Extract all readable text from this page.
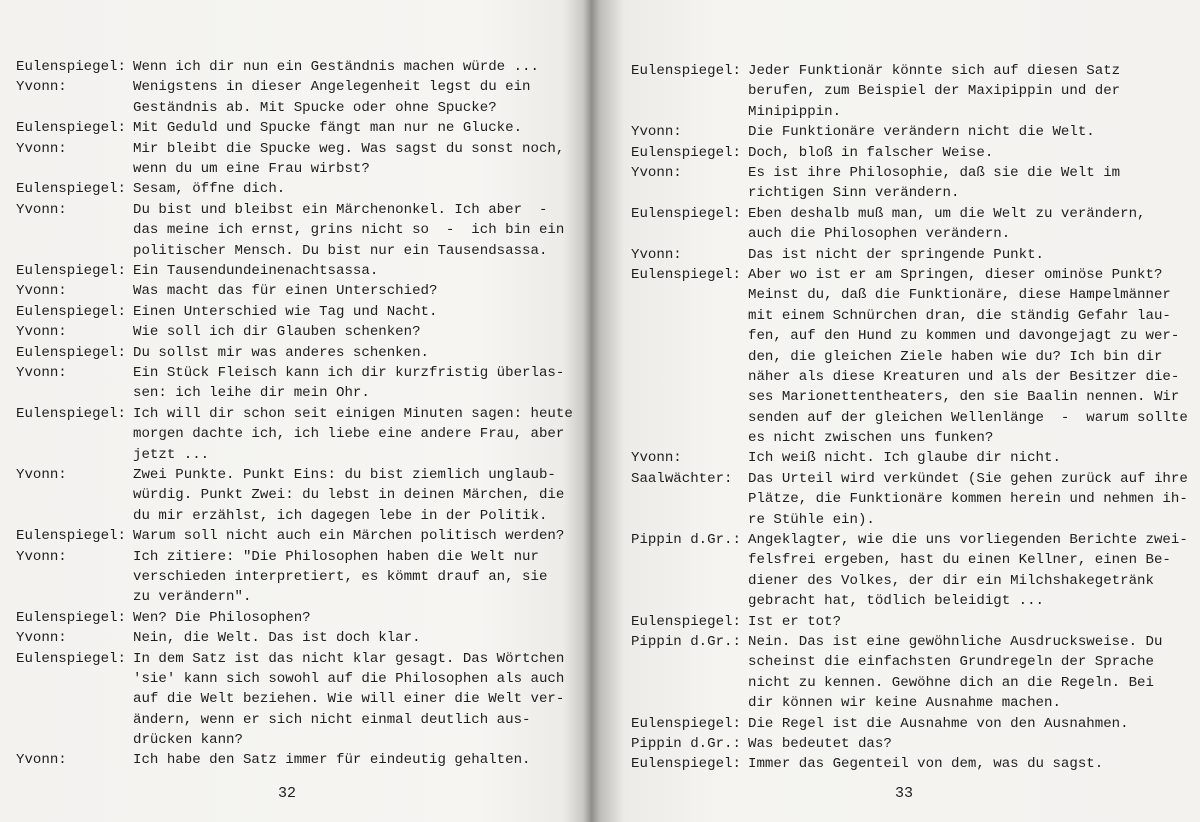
Eulenspiegel: Wenn ich dir nun ein Geständnis machen würde ...
Yvonn:	Wenigstens in dieser Angelegenheit legst du ein
Geständnis ab. Mit Spucke oder ohne Spucke?
Eulenspiegel: Mit Geduld und Spucke fängt man nur ne Glucke.
Yvonn:	Mir bleibt die Spucke weg. Was sagst du sonst noch,
wenn du um eine Frau wirbst?
Eulenspiegel: Sesam, öffne dich.
Yvonn:	Du bist und bleibst ein Märchenonkel. Ich aber  -
das meine ich ernst, grins nicht so  -  ich bin ein
politischer Mensch. Du bist nur ein Tausendsassa.
Eulenspiegel: Ein Tausendundeinenachtsassa.
Yvonn:	Was macht das für einen Unterschied?
Eulenspiegel: Einen Unterschied wie Tag und Nacht.
Yvonn:	Wie soll ich dir Glauben schenken?
Eulenspiegel: Du sollst mir was anderes schenken.
Yvonn:	Ein Stück Fleisch kann ich dir kurzfristig überlas-
sen: ich leihe dir mein Ohr.
Eulenspiegel: Ich will dir schon seit einigen Minuten sagen: heute
morgen dachte ich, ich liebe eine andere Frau, aber
jetzt ...
Yvonn:	Zwei Punkte. Punkt Eins: du bist ziemlich unglaub-
würdig. Punkt Zwei: du lebst in deinen Märchen, die
du mir erzählst, ich dagegen lebe in der Politik.
Eulenspiegel: Warum soll nicht auch ein Märchen politisch werden?
Yvonn:	Ich zitiere: "Die Philosophen haben die Welt nur
verschieden interpretiert, es kömmt drauf an, sie
zu verändern".
Eulenspiegel: Wen? Die Philosophen?
Yvonn:	Nein, die Welt. Das ist doch klar.
Eulenspiegel: In dem Satz ist das nicht klar gesagt. Das Wörtchen
'sie' kann sich sowohl auf die Philosophen als auch
auf die Welt beziehen. Wie will einer die Welt ver-
ändern, wenn er sich nicht einmal deutlich aus-
drücken kann?
Yvonn:	Ich habe den Satz immer für eindeutig gehalten.
32
Eulenspiegel: Jeder Funktionär könnte sich auf diesen Satz
berufen, zum Beispiel der Maxipippin und der
Minipippin.
Yvonn:	Die Funktionäre verändern nicht die Welt.
Eulenspiegel: Doch, bloß in falscher Weise.
Yvonn:	Es ist ihre Philosophie, daß sie die Welt im
richtigen Sinn verändern.
Eulenspiegel: Eben deshalb muß man, um die Welt zu verändern,
auch die Philosophen verändern.
Yvonn:	Das ist nicht der springende Punkt.
Eulenspiegel: Aber wo ist er am Springen, dieser ominöse Punkt?
Meinst du, daß die Funktionäre, diese Hampelmänner
mit einem Schnürchen dran, die ständig Gefahr lau-
fen, auf den Hund zu kommen und davongejagt zu wer-
den, die gleichen Ziele haben wie du? Ich bin dir
näher als diese Kreaturen und als der Besitzer die-
ses Marionettentheaters, den sie Baalin nennen. Wir
senden auf der gleichen Wellenlänge  -  warum sollte
es nicht zwischen uns funken?
Yvonn:	Ich weiß nicht. Ich glaube dir nicht.
Saalwächter:	Das Urteil wird verkündet (Sie gehen zurück auf ihre
Plätze, die Funktionäre kommen herein und nehmen ih-
re Stühle ein).
Pippin d.Gr.: Angeklagter, wie die uns vorliegenden Berichte zwei-
felsfrei ergeben, hast du einen Kellner, einen Be-
diener des Volkes, der dir ein Milchshakegetränk
gebracht hat, tödlich beleidigt ...
Eulenspiegel: Ist er tot?
Pippin d.Gr.: Nein. Das ist eine gewöhnliche Ausdrucksweise. Du
scheinst die einfachsten Grundregeln der Sprache
nicht zu kennen. Gewöhne dich an die Regeln. Bei
dir können wir keine Ausnahme machen.
Eulenspiegel: Die Regel ist die Ausnahme von den Ausnahmen.
Pippin d.Gr.: Was bedeutet das?
Eulenspiegel: Immer das Gegenteil von dem, was du sagst.
33
